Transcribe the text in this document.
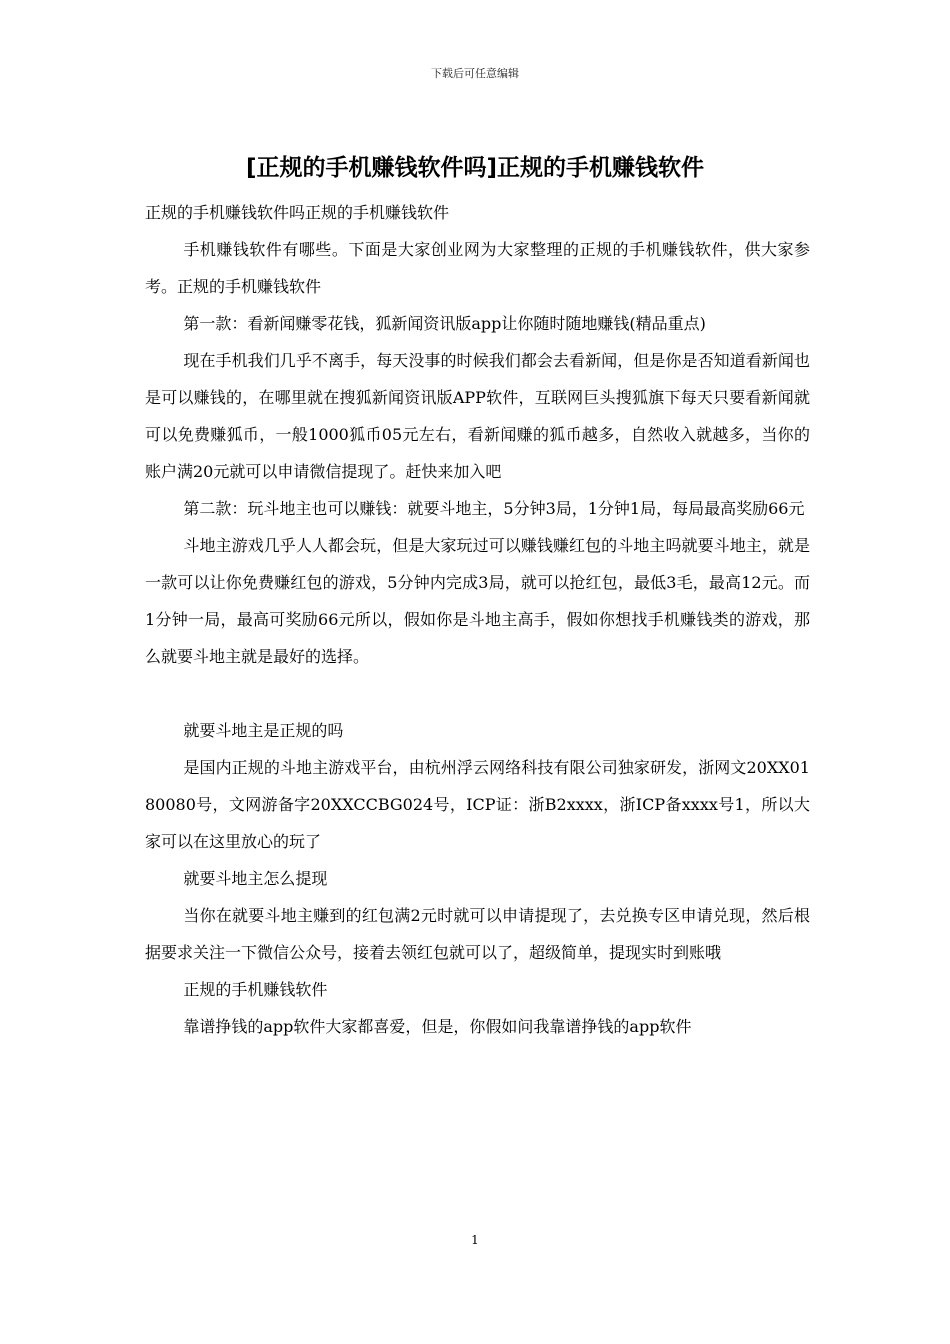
下载后可任意编辑
[正规的手机赚钱软件吗]正规的手机赚钱软件

正规的手机赚钱软件吗正规的手机赚钱软件

手机赚钱软件有哪些。下面是大家创业网为大家整理的正规的手机赚钱软件，供大家参考。正规的手机赚钱软件

第一款：看新闻赚零花钱，狐新闻资讯版app让你随时随地赚钱(精品重点)

现在手机我们几乎不离手，每天没事的时候我们都会去看新闻，但是你是否知道看新闻也是可以赚钱的，在哪里就在搜狐新闻资讯版APP软件，互联网巨头搜狐旗下每天只要看新闻就可以免费赚狐币，一般1000狐币05元左右，看新闻赚的狐币越多，自然收入就越多，当你的账户满20元就可以申请微信提现了。赶快来加入吧

第二款：玩斗地主也可以赚钱：就要斗地主，5分钟3局，1分钟1局，每局最高奖励66元

斗地主游戏几乎人人都会玩，但是大家玩过可以赚钱赚红包的斗地主吗就要斗地主，就是一款可以让你免费赚红包的游戏，5分钟内完成3局，就可以抢红包，最低3毛，最高12元。而1分钟一局，最高可奖励66元所以，假如你是斗地主高手，假如你想找手机赚钱类的游戏，那么就要斗地主就是最好的选择。

就要斗地主是正规的吗

是国内正规的斗地主游戏平台，由杭州浮云网络科技有限公司独家研发，浙网文20XX0180080号，文网游备字20XXCCBG024号，ICP证：浙B2xxxx，浙ICP备xxxx号1，所以大家可以在这里放心的玩了

就要斗地主怎么提现

当你在就要斗地主赚到的红包满2元时就可以申请提现了，去兑换专区申请兑现，然后根据要求关注一下微信公众号，接着去领红包就可以了，超级简单，提现实时到账哦

正规的手机赚钱软件

靠谱挣钱的app软件大家都喜爱，但是，你假如问我靠谱挣钱的app软件

1
